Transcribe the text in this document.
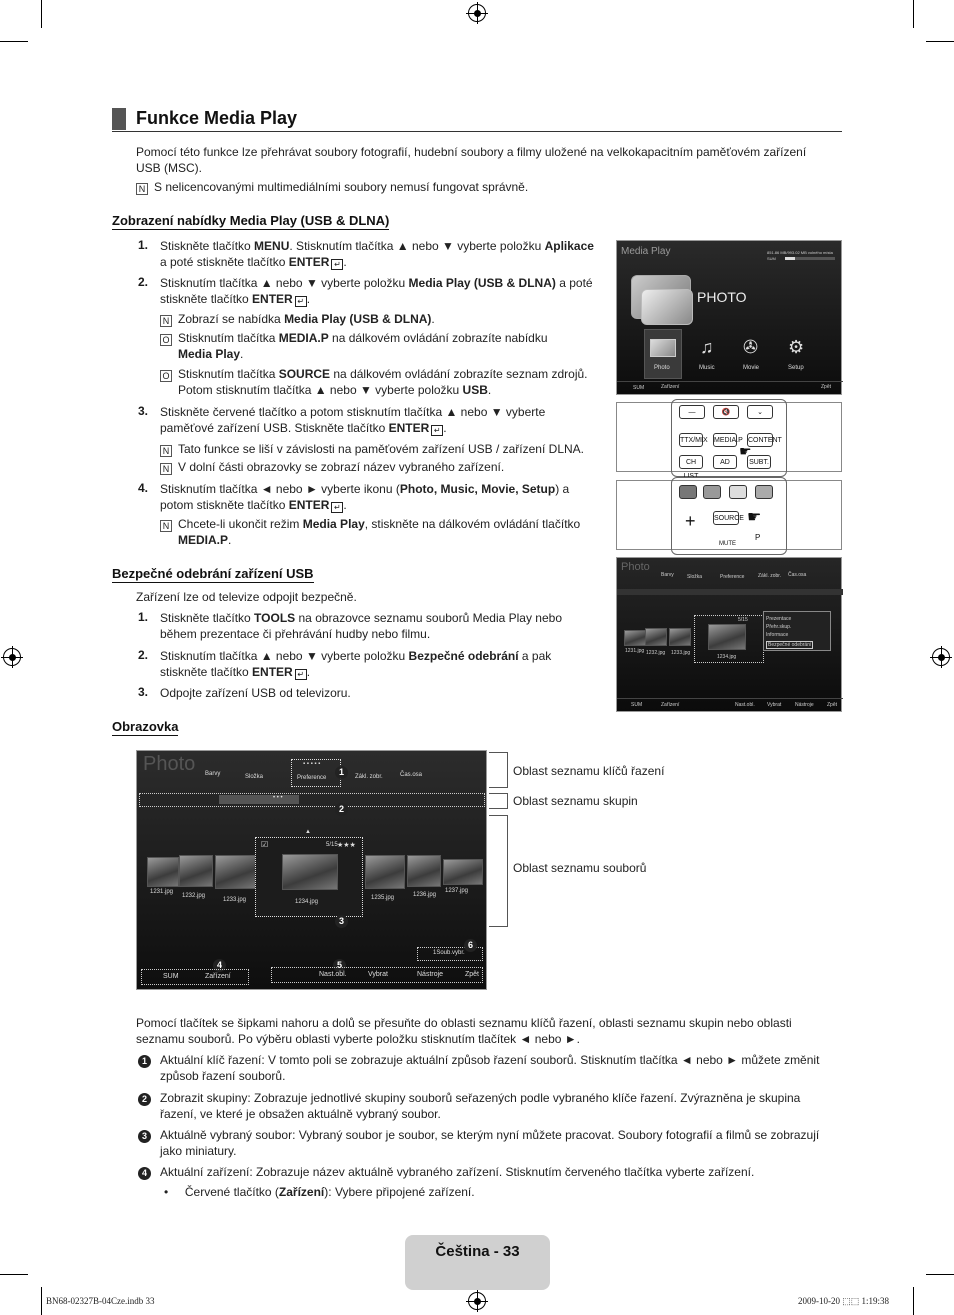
Funkce Media Play
Pomocí této funkce lze přehrávat soubory fotografií, hudební soubory a filmy uložené na velkokapacitním paměťovém zařízení USB (MSC).
N S nelicencovanými multimediálními soubory nemusí fungovat správně.
Zobrazení nabídky Media Play (USB & DLNA)
1. Stiskněte tlačítko MENU. Stisknutím tlačítka ▲ nebo ▼ vyberte položku Aplikace
a poté stiskněte tlačítko ENTER ↵ .
2. Stisknutím tlačítka ▲ nebo ▼ vyberte položku Media Play (USB & DLNA) a poté
stiskněte tlačítko ENTER ↵ .
N Zobrazí se nabídka Media Play (USB & DLNA).
O Stisknutím tlačítka MEDIA.P na dálkovém ovládání zobrazíte nabídku
Media Play.
O Stisknutím tlačítka SOURCE na dálkovém ovládání zobrazíte seznam zdrojů.
Potom stisknutím tlačítka ▲ nebo ▼ vyberte položku USB.
3. Stiskněte červené tlačítko a potom stisknutím tlačítka ▲ nebo ▼ vyberte
paměťové zařízení USB. Stiskněte tlačítko ENTER ↵ .
N Tato funkce se liší v závislosti na paměťovém zařízení USB / zařízení DLNA.
N V dolní části obrazovky se zobrazí název vybraného zařízení.
4. Stisknutím tlačítka ◄ nebo ► vyberte ikonu (Photo, Music, Movie, Setup) a
potom stiskněte tlačítko ENTER ↵ .
N Chcete-li ukončit režim Media Play, stiskněte na dálkovém ovládání tlačítko
MEDIA.P.
Media Play	851.86 MB/993.02 MB volného místa
SUM
PHOTO
♫ ✇ ⚙
Photo	Music	Movie	Setup
SUM	Zařízení	Zpět
—	🔇	⌄
TTX/MIX MEDIA.P CONTENT
CH LIST
AD	SUBT.
☛
+	SOURCE
MUTE
P
☛
Photo
Barvy	Složka	Preference	Zákl. zobr. Čas.osa
1231.jpg 1232.jpg 1233.jpg
5/15
1234.jpg
Prezentace
Přehr.skup.
Informace
Bezpečné odebrání
SUM	Zařízení	Nast.obl. Vybrat	Nástroje	Zpět
Bezpečné odebrání zařízení USB
Zařízení lze od televize odpojit bezpečně.
1. Stiskněte tlačítko TOOLS na obrazovce seznamu souborů Media Play nebo
během prezentace či přehrávání hudby nebo filmu.
2. Stisknutím tlačítka ▲ nebo ▼ vyberte položku Bezpečné odebrání a pak
stiskněte tlačítko ENTER ↵ .
3. Odpojte zařízení USB od televizoru.
Obrazovka
Photo Barvy	Složka
▪ ▪ ▪ ▪ ▪
Preference	Zákl. zobr.	Čas.osa
1
• • •
2
▲
1231.jpg
1232.jpg
1233.jpg
☑	5/15 ★★★
1234.jpg
3
1235.jpg	1236.jpg
1237.jpg
1Soub.vybr.
6
4	5
SUM	Zařízení	Nast.obl.	Vybrat	Nástroje	Zpět
Oblast seznamu klíčů řazení
Oblast seznamu skupin
Oblast seznamu souborů
Pomocí tlačítek se šipkami nahoru a dolů se přesuňte do oblasti seznamu klíčů řazení, oblasti seznamu skupin nebo oblasti
seznamu souborů. Po výběru oblasti vyberte položku stisknutím tlačítek ◄ nebo ►.
1	Aktuální klíč řazení: V tomto poli se zobrazuje aktuální způsob řazení souborů. Stisknutím tlačítka ◄ nebo ► můžete změnit
způsob řazení souborů.
2	Zobrazit skupiny: Zobrazuje jednotlivé skupiny souborů seřazených podle vybraného klíče řazení. Zvýrazněna je skupina
řazení, ve které je obsažen aktuálně vybraný soubor.
3	Aktuálně vybraný soubor: Vybraný soubor je soubor, se kterým nyní můžete pracovat. Soubory fotografií a filmů se zobrazují
jako miniatury.
4	Aktuální zařízení: Zobrazuje název aktuálně vybraného zařízení. Stisknutím červeného tlačítka vyberte zařízení.
•     Červené tlačítko (Zařízení): Vybere připojené zařízení.
Čeština - 33
BN68-02327B-04Cze.indb 33	2009-10-20 ⬚⬚ 1:19:38
